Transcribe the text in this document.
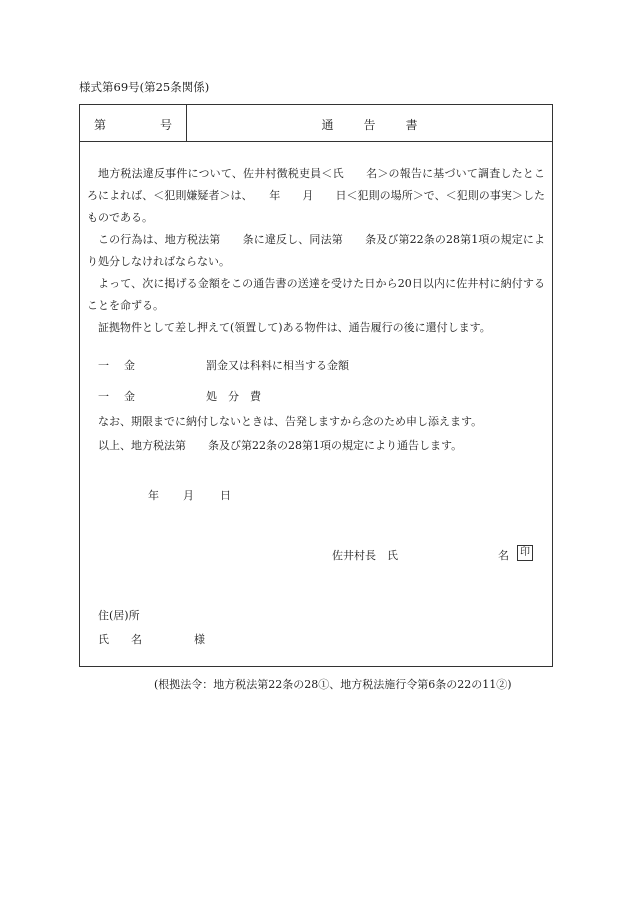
様式第69号(第25条関係)
第	号	通告書

地方税法違反事件について、佐井村徴税吏員＜氏　　名＞の報告に基づいて調査したところによれば、＜犯則嫌疑者＞は、　　年　　月　　日＜犯則の場所＞で、＜犯則の事実＞したものである。

この行為は、地方税法第　　条に違反し、同法第　　条及び第22条の28第1項の規定により処分しなければならない。

よって、次に掲げる金額をこの通告書の送達を受けた日から20日以内に佐井村に納付することを命ずる。

証拠物件として差し押えて(領置して)ある物件は、通告履行の後に還付します。

一 金	罰金又は科料に相当する金額
一 金	処　分　費

なお、期限までに納付しないときは、告発しますから念のため申し添えます。

以上、地方税法第　　条及び第22条の28第1項の規定により通告します。

年 月 日
佐井村長　氏	名	印
住(居)所
氏　　名	様
(根拠法令：地方税法第22条の28①、地方税法施行令第6条の22の11②)
